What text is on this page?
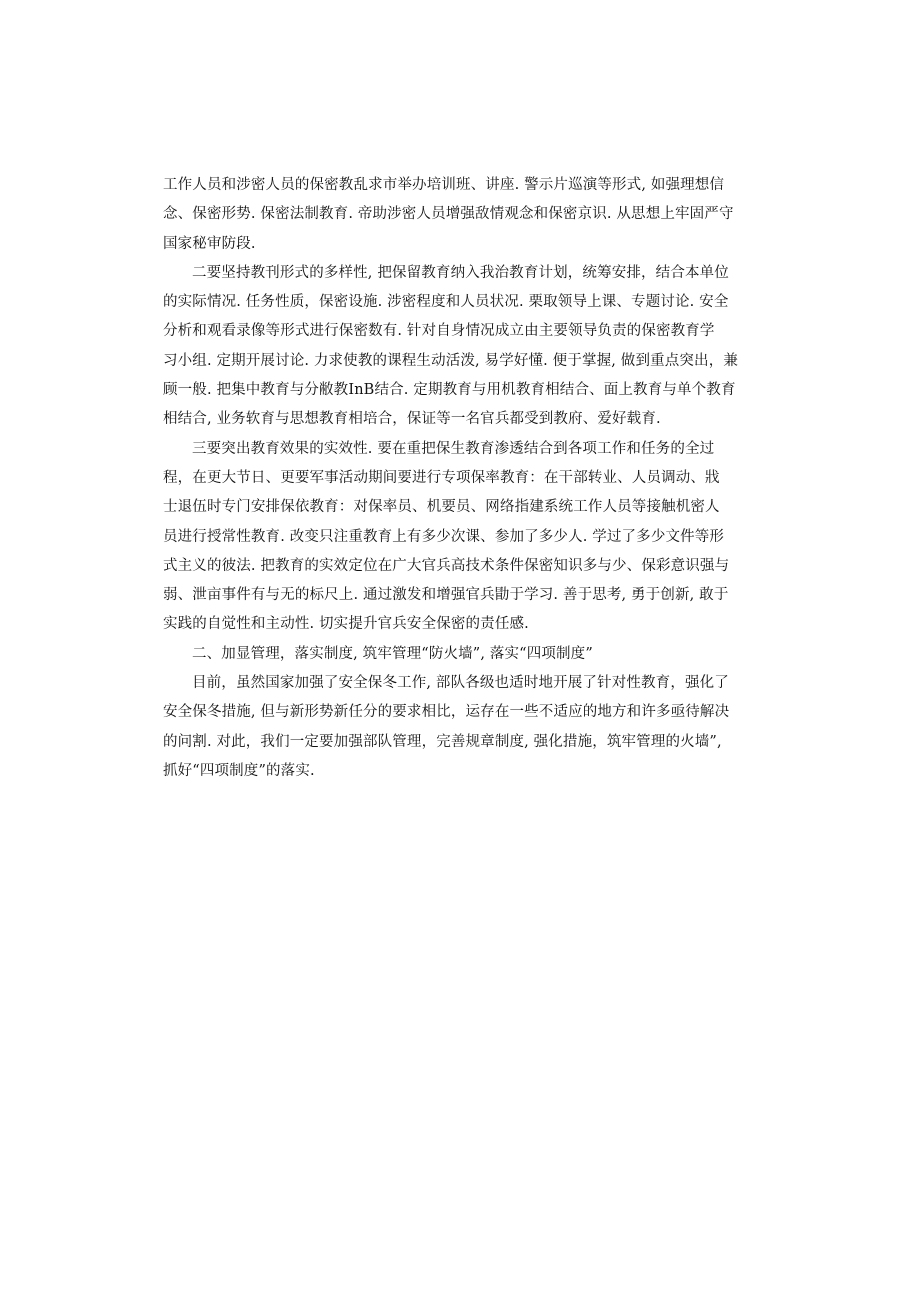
工作人员和涉密人员的保密教乱求市举办培训班、讲座. 警示片巡演等形式, 如强理想信
念、保密形势. 保密法制教育. 帝助涉密人员增强敌情观念和保密京识. 从思想上牢固严守
国家秘审防段.
二要坚持教刊形式的多样性, 把保留教育纳入我治教育计划，统筹安排，结合本单位
的实际情况. 任务性质，保密设施. 涉密程度和人员状况. 栗取领导上课、专题讨论. 安全
分析和观看录像等形式进行保密数有. 针对自身情况成立由主要领导负责的保密教育学
习小组. 定期开展讨论. 力求使教的课程生动活泼, 易学好懂. 便于掌握, 做到重点突出，兼
顾一般. 把集中教育与分敝教InB结合. 定期教育与用机教育相结合、面上教育与单个教育
相结合, 业务软育与思想教育相培合，保证等一名官兵都受到教府、爱好载育.
三要突出教育效果的实效性. 要在重把保生教育渗透结合到各项工作和任务的全过
程，在更大节日、更要军事活动期间要进行专项保率教育：在干部转业、人员调动、戕
士退伍时专门安排保依教育：对保率员、机要员、网络指建系统工作人员等接触机密人
员进行授常性教育. 改变只注重教育上有多少次课、参加了多少人. 学过了多少文件等形
式主义的彼法. 把教育的实效定位在广大官兵高技术条件保密知识多与少、保彩意识强与
弱、泄亩事件有与无的标尺上. 通过激发和增强官兵勖于学习. 善于思考, 勇于创新, 敢于
实践的自觉性和主动性. 切实提升官兵安全保密的责任感.
二、加显管理，落实制度, 筑牢管理“防火墙”, 落实“四项制度”
目前，虽然国家加强了安全保冬工作, 部队各级也适时地开展了针对性教育，强化了
安全保冬措施, 但与新形势新任分的要求相比，运存在一些不适应的地方和许多亟待解决
的问割. 对此，我们一定要加强部队管理，完善规章制度, 强化措施，筑牢管理的火墙”,
抓好“四项制度”的落实.
